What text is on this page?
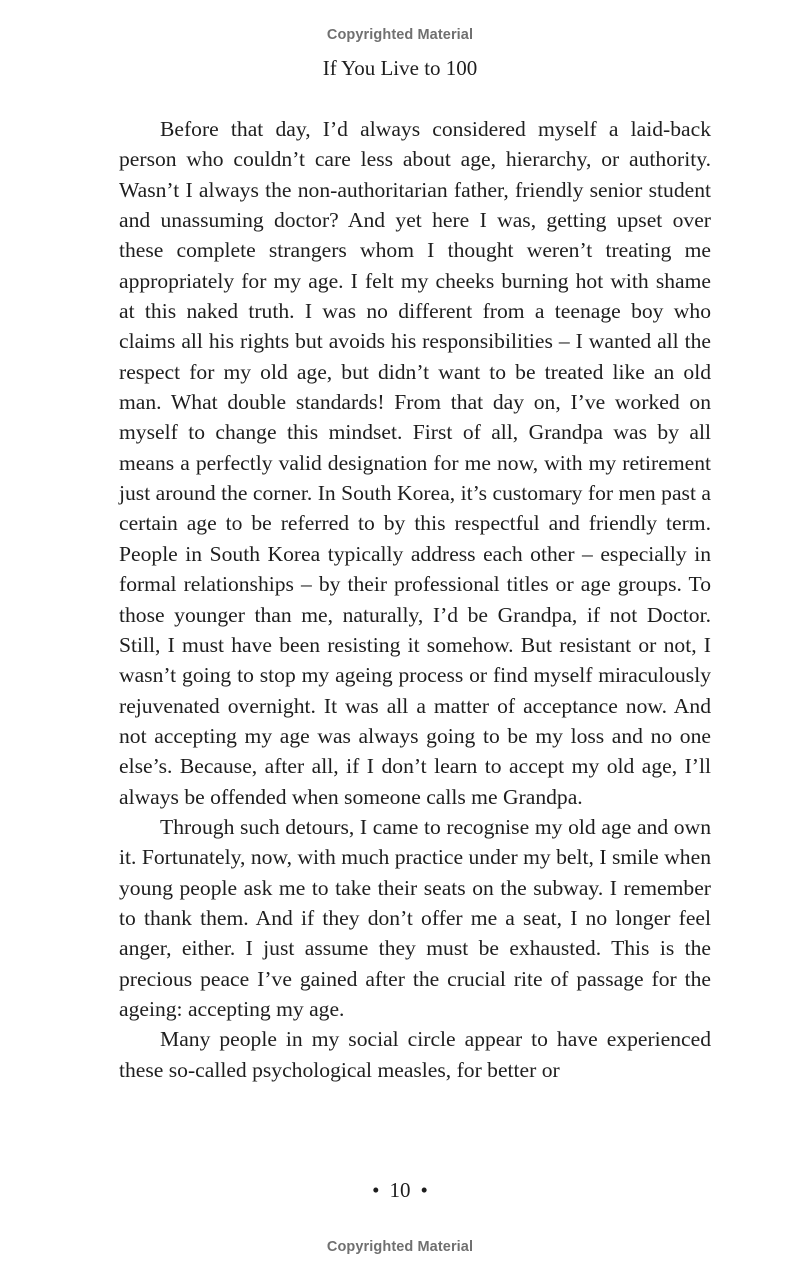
Copyrighted Material
If You Live to 100

Before that day, I’d always considered myself a laid-back person who couldn’t care less about age, hierarchy, or authority. Wasn’t I always the non-authoritarian father, friendly senior student and unassuming doctor? And yet here I was, getting upset over these complete strangers whom I thought weren’t treating me appropriately for my age. I felt my cheeks burning hot with shame at this naked truth. I was no different from a teenage boy who claims all his rights but avoids his responsibilities – I wanted all the respect for my old age, but didn’t want to be treated like an old man. What double standards! From that day on, I’ve worked on myself to change this mindset. First of all, Grandpa was by all means a perfectly valid designation for me now, with my retirement just around the corner. In South Korea, it’s customary for men past a certain age to be referred to by this respectful and friendly term. People in South Korea typically address each other – especially in formal relationships – by their professional titles or age groups. To those younger than me, naturally, I’d be Grandpa, if not Doctor. Still, I must have been resisting it somehow. But resistant or not, I wasn’t going to stop my ageing process or find myself miraculously rejuvenated overnight. It was all a matter of acceptance now. And not accepting my age was always going to be my loss and no one else’s. Because, after all, if I don’t learn to accept my old age, I’ll always be offended when someone calls me Grandpa.

Through such detours, I came to recognise my old age and own it. Fortunately, now, with much practice under my belt, I smile when young people ask me to take their seats on the subway. I remember to thank them. And if they don’t offer me a seat, I no longer feel anger, either. I just assume they must be exhausted. This is the precious peace I’ve gained after the crucial rite of passage for the ageing: accepting my age.

Many people in my social circle appear to have experienced these so-called psychological measles, for better or

• 10 •
Copyrighted Material
